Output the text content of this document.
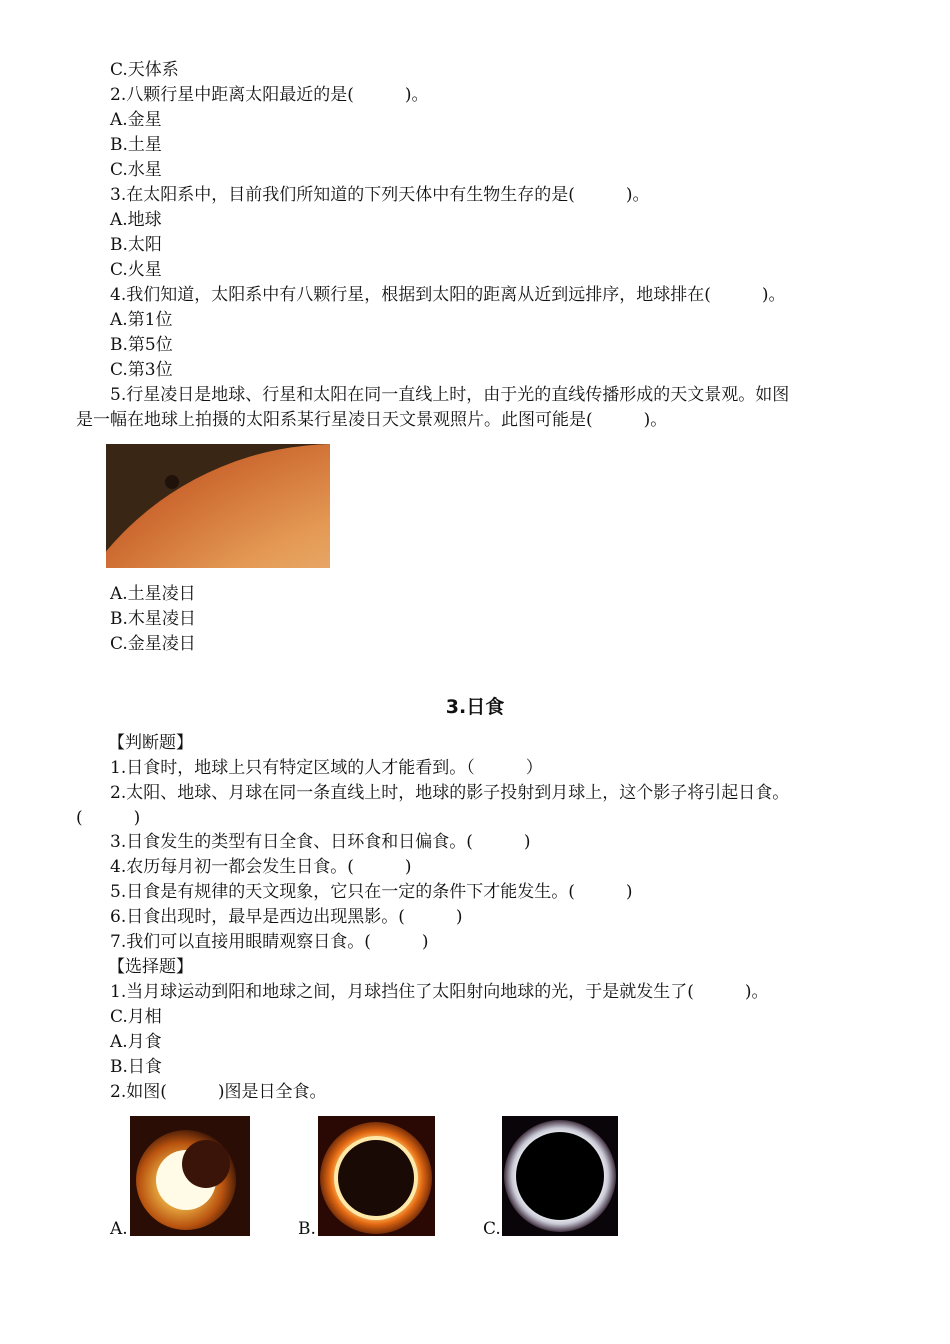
C.天体系
2.八颗行星中距离太阳最近的是(　　　)。
A.金星
B.土星
C.水星
3.在太阳系中，目前我们所知道的下列天体中有生物生存的是(　　　)。
A.地球
B.太阳
C.火星
4.我们知道，太阳系中有八颗行星，根据到太阳的距离从近到远排序，地球排在(　　　)。
A.第1位
B.第5位
C.第3位
5.行星凌日是地球、行星和太阳在同一直线上时，由于光的直线传播形成的天文景观。如图
是一幅在地球上拍摄的太阳系某行星凌日天文景观照片。此图可能是(　　　)。
A.土星凌日
B.木星凌日
C.金星凌日
3.日食
【判断题】
1.日食时，地球上只有特定区域的人才能看到。（　　　）
2.太阳、地球、月球在同一条直线上时，地球的影子投射到月球上，这个影子将引起日食。
(　　　)
3.日食发生的类型有日全食、日环食和日偏食。(　　　)
4.农历每月初一都会发生日食。(　　　)
5.日食是有规律的天文现象，它只在一定的条件下才能发生。(　　　)
6.日食出现时，最早是西边出现黑影。(　　　)
7.我们可以直接用眼睛观察日食。(　　　)
【选择题】
1.当月球运动到阳和地球之间，月球挡住了太阳射向地球的光，于是就发生了(　　　)。
C.月相
A.月食
B.日食
2.如图(　　　)图是日全食。
A.	B.	C.
